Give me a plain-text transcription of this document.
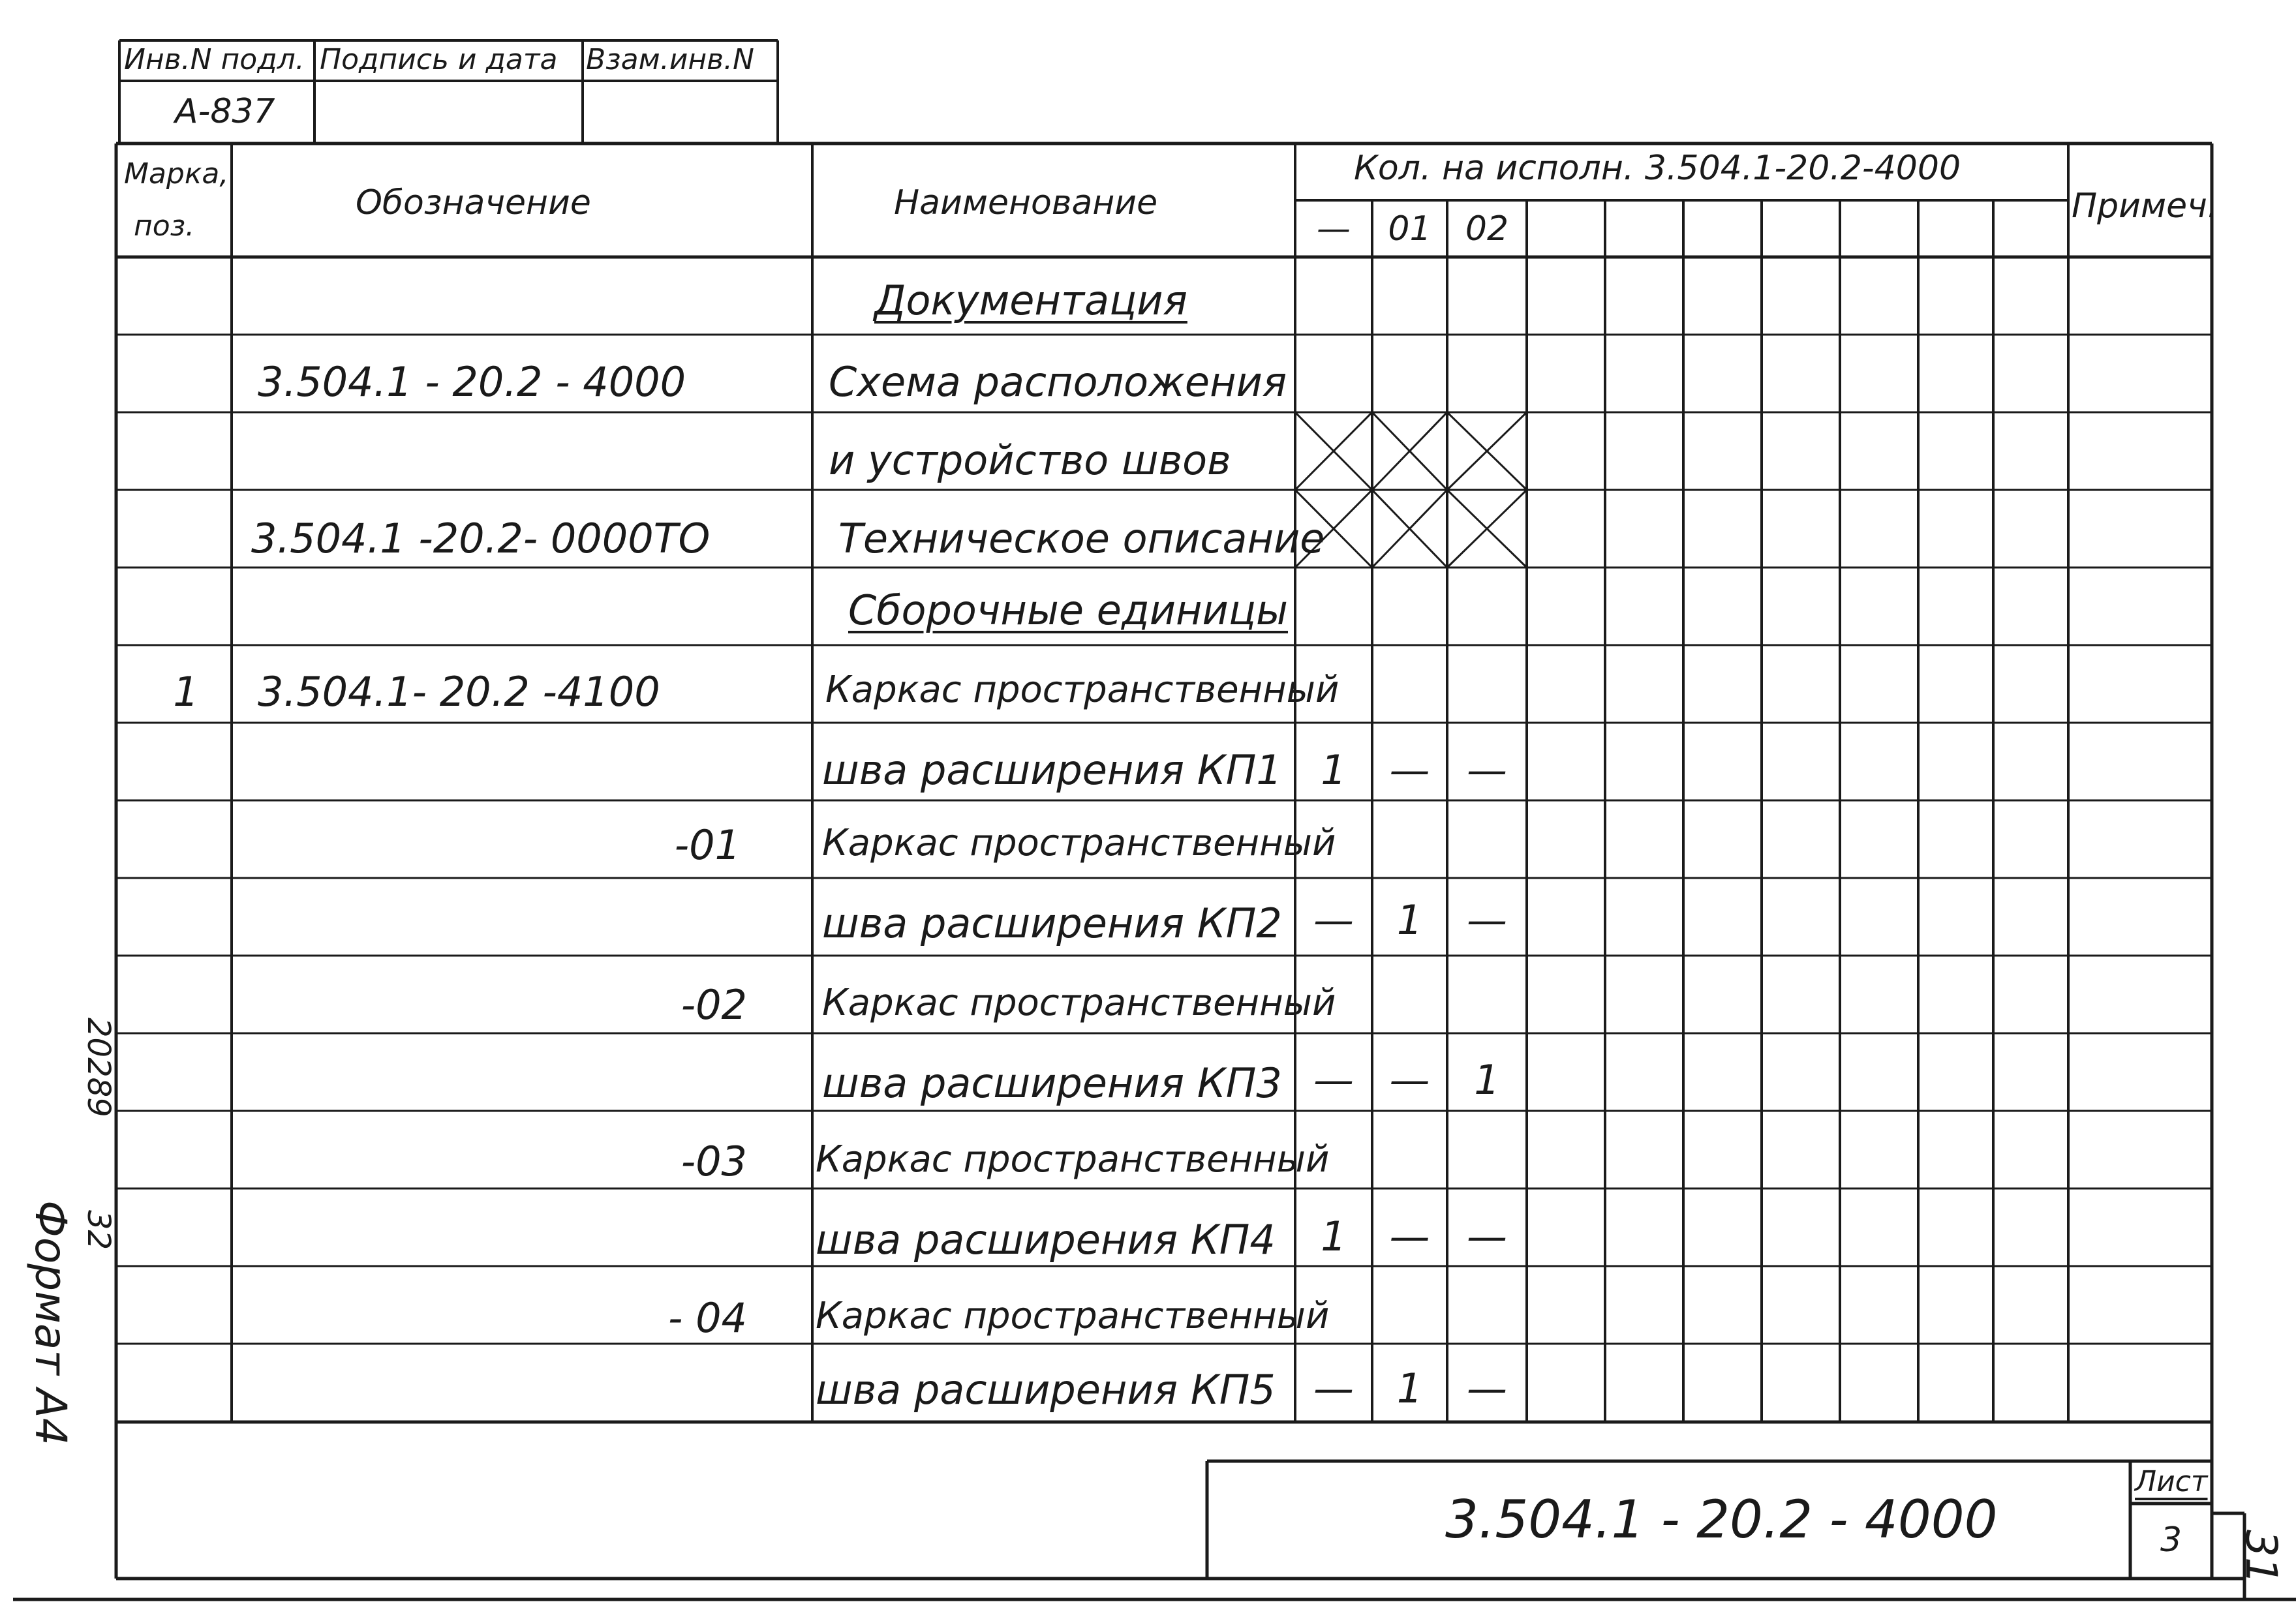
Инв.N подл. Подпись и дата Взам.инв.N
А-837
Марка,
поз.
Обозначение	Наименование
Кол. на исполн. 3.504.1-20.2-4000
—	01	02
Примеч.
Документация
3.504.1 - 20.2 - 4000	Схема расположения
и устройство швов
3.504.1 -20.2- 0000ТО	Техническое описание
Сборочные единицы
1	3.504.1- 20.2 -4100	Каркас пространственный
шва расширения КП1 1	— —
-01 Каркас пространственный
шва расширения КП2 —	1	—
-02 Каркас пространственный
шва расширения КП3 — —	1
-03 Каркас пространственный
шва расширения КП4	1	— —
- 04 Каркас пространственный
шва расширения КП5 —	1	—
3.504.1 - 20.2 - 4000
Лист
3
20289
32
Формат А4
31
